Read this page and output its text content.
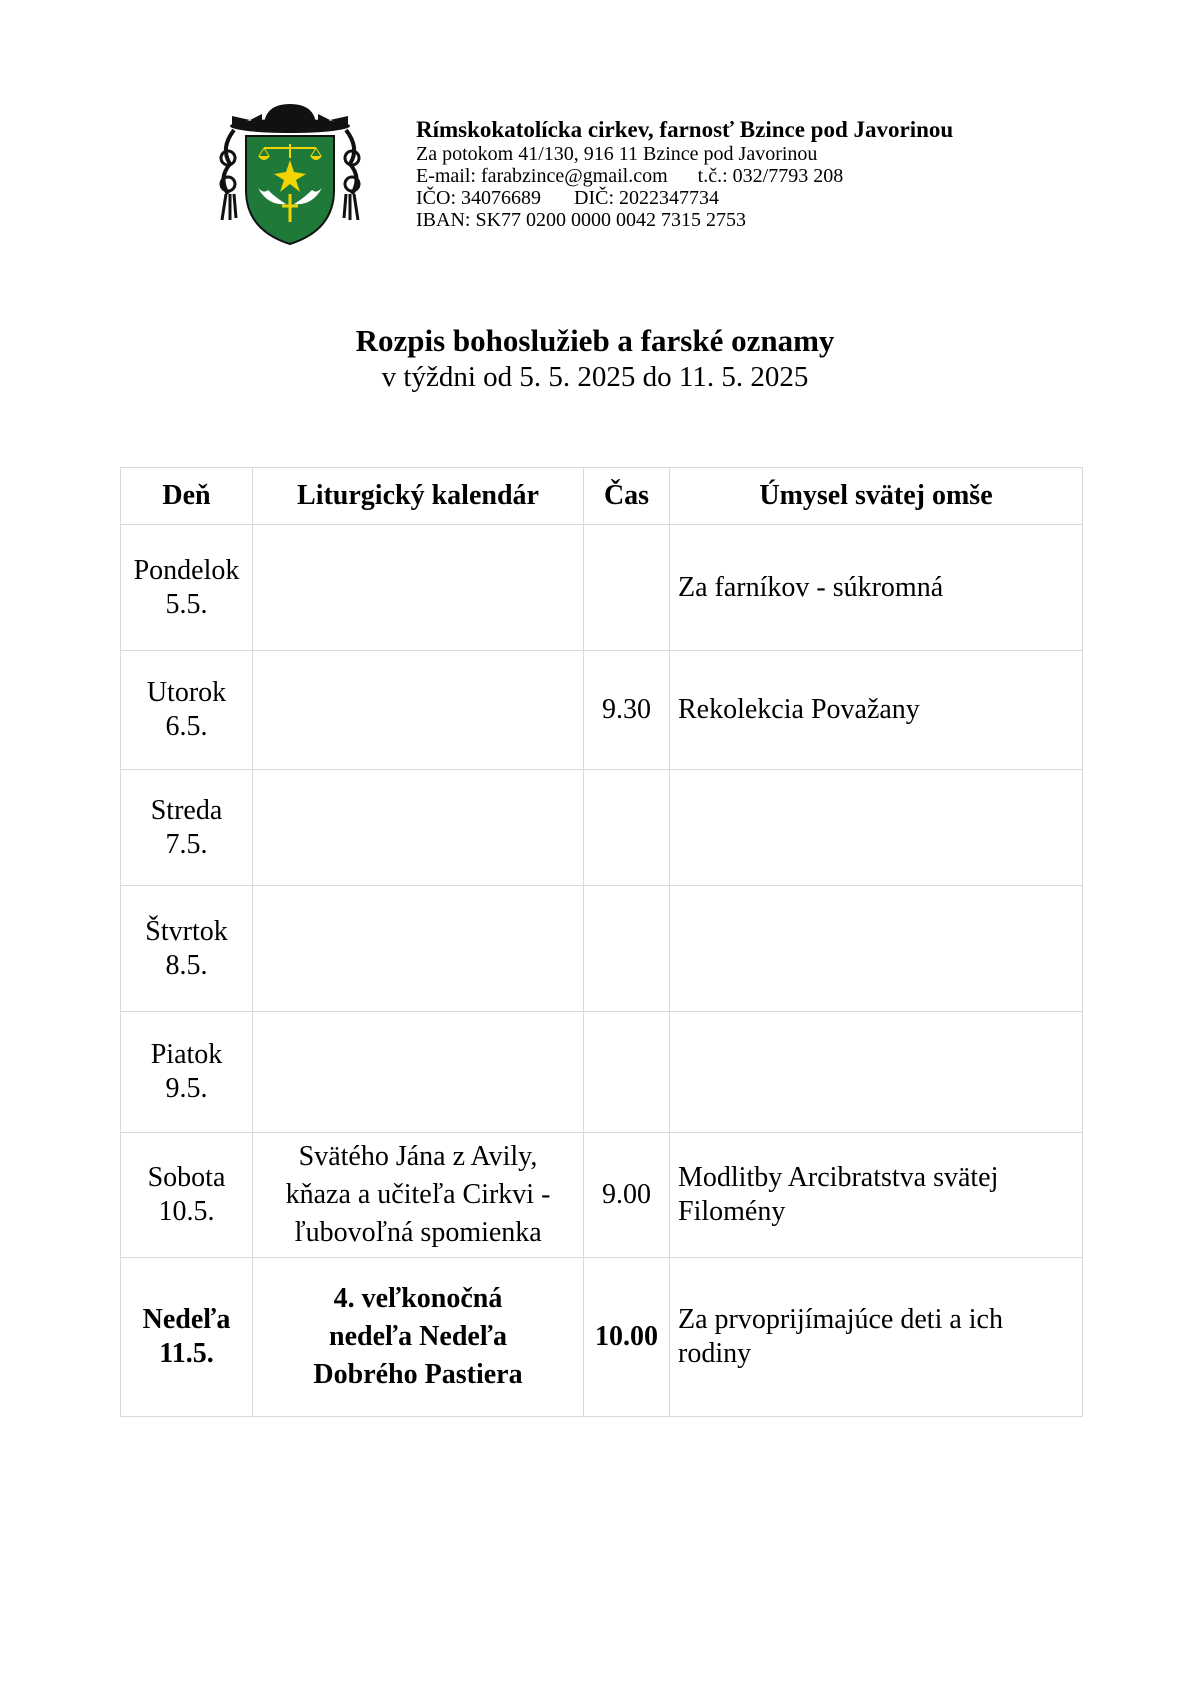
Rímskokatolícka cirkev, farnosť Bzince pod Javorinou
Za potokom 41/130, 916 11 Bzince pod Javorinou
E-mail: farabzince@gmail.com t.č.: 032/7793 208
IČO: 34076689 DIČ: 2022347734
IBAN: SK77 0200 0000 0042 7315 2753
Rozpis bohoslužieb a farské oznamy
v týždni od 5. 5. 2025 do 11. 5. 2025
Deň	Liturgický kalendár	Čas	Úmysel svätej omše

Pondelok
5.5.			Za farníkov - súkromná

Utorok
6.5.		9.30	Rekolekcia Považany

Streda
7.5.			

Štvrtok
8.5.			

Piatok
9.5.			

Sobota
10.5.	Svätého Jána z Avily, kňaza a učiteľa Cirkvi - ľubovoľná spomienka	9.00	Modlitby Arcibratstva svätej Filomény

Nedeľa
11.5.	4. veľkonočná nedeľa Nedeľa Dobrého Pastiera	10.00	Za prvoprijímajúce deti a ich rodiny
